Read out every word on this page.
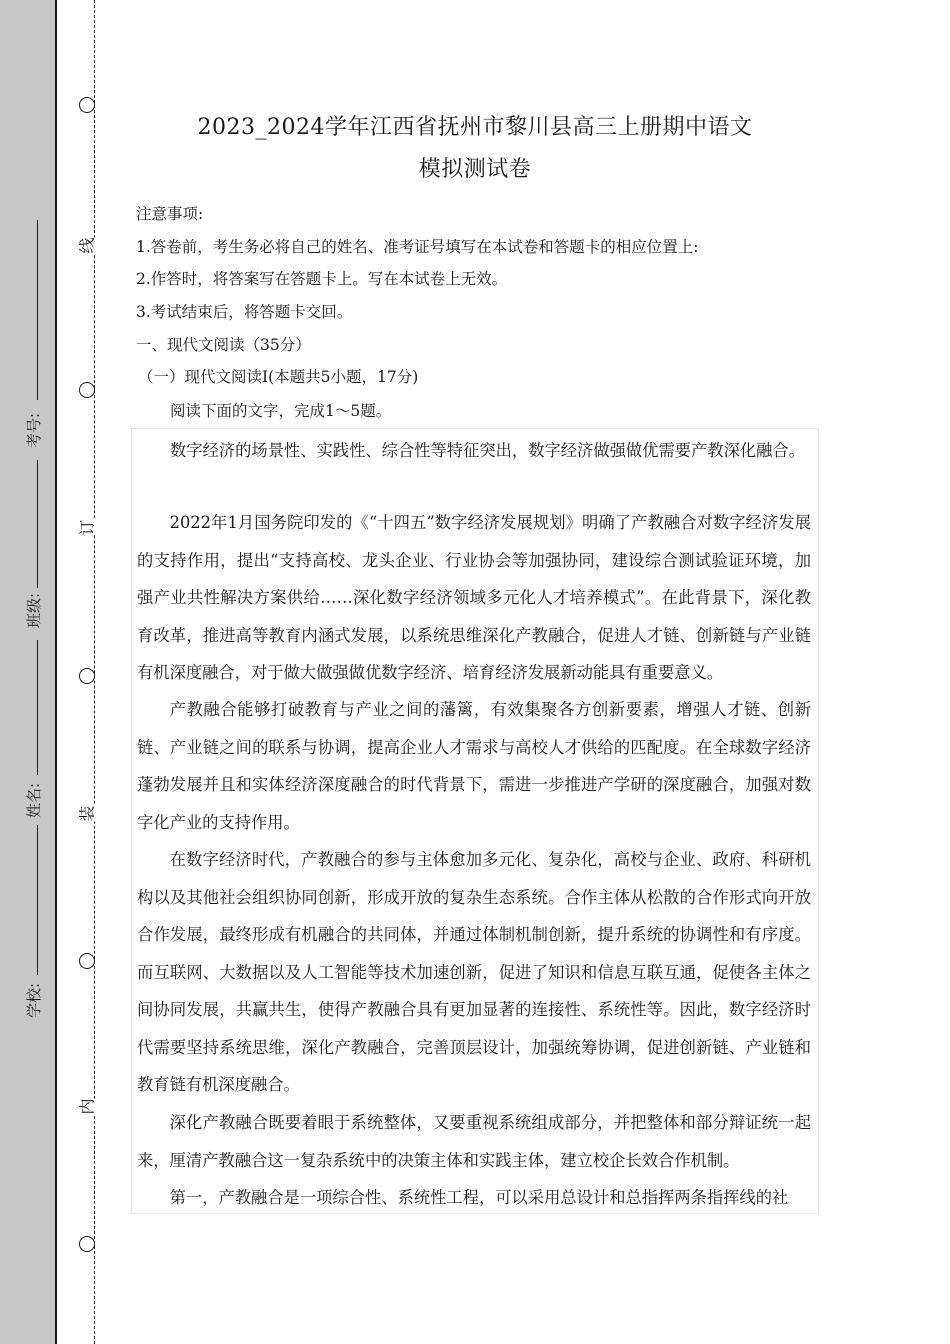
线
订
装
内
考号:
班级:
姓名:
学校:
2023_2024学年江西省抚州市黎川县高三上册期中语文
模拟测试卷
注意事项:
1.答卷前，考生务必将自己的姓名、准考证号填写在本试卷和答题卡的相应位置上:
2.作答时，将答案写在答题卡上。写在本试卷上无效。
3.考试结束后，将答题卡交回。
一、现代文阅读（35分）
（一）现代文阅读Ⅰ(本题共5小题，17分)
阅读下面的文字，完成1～5题。
数字经济的场景性、实践性、综合性等特征突出，数字经济做强做优需要产教深化融合。
2022年1月国务院印发的《“十四五”数字经济发展规划》明确了产教融合对数字经济发展的支持作用，提出“支持高校、龙头企业、行业协会等加强协同，建设综合测试验证环境，加强产业共性解决方案供给……深化数字经济领域多元化人才培养模式”。在此背景下，深化教育改革，推进高等教育内涵式发展，以系统思维深化产教融合，促进人才链、创新链与产业链有机深度融合，对于做大做强做优数字经济、培育经济发展新动能具有重要意义。
产教融合能够打破教育与产业之间的藩篱，有效集聚各方创新要素，增强人才链、创新链、产业链之间的联系与协调，提高企业人才需求与高校人才供给的匹配度。在全球数字经济蓬勃发展并且和实体经济深度融合的时代背景下，需进一步推进产学研的深度融合，加强对数字化产业的支持作用。
在数字经济时代，产教融合的参与主体愈加多元化、复杂化，高校与企业、政府、科研机构以及其他社会组织协同创新，形成开放的复杂生态系统。合作主体从松散的合作形式向开放合作发展，最终形成有机融合的共同体，并通过体制机制创新，提升系统的协调性和有序度。而互联网、大数据以及人工智能等技术加速创新，促进了知识和信息互联互通，促使各主体之间协同发展，共赢共生，使得产教融合具有更加显著的连接性、系统性等。因此，数字经济时代需要坚持系统思维，深化产教融合，完善顶层设计，加强统筹协调，促进创新链、产业链和教育链有机深度融合。
深化产教融合既要着眼于系统整体，又要重视系统组成部分，并把整体和部分辩证统一起来，厘清产教融合这一复杂系统中的决策主体和实践主体，建立校企长效合作机制。
第一，产教融合是一项综合性、系统性工程，可以采用总设计和总指挥两条指挥线的社
